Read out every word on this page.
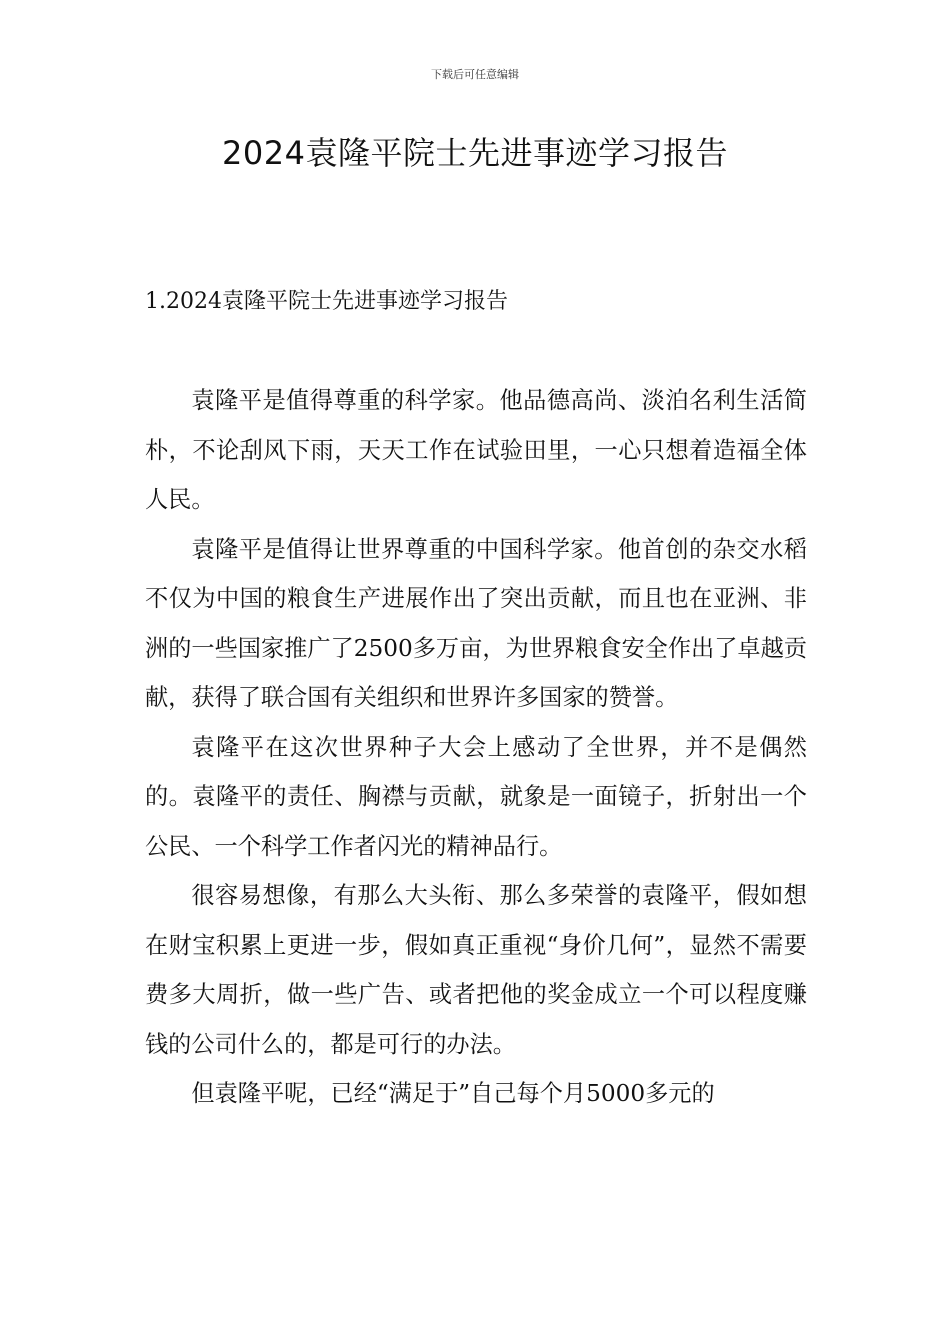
下载后可任意编辑
2024袁隆平院士先进事迹学习报告
1.2024袁隆平院士先进事迹学习报告

袁隆平是值得尊重的科学家。他品德高尚、淡泊名利生活简朴，不论刮风下雨，天天工作在试验田里，一心只想着造福全体人民。

袁隆平是值得让世界尊重的中国科学家。他首创的杂交水稻不仅为中国的粮食生产进展作出了突出贡献，而且也在亚洲、非洲的一些国家推广了2500多万亩，为世界粮食安全作出了卓越贡献，获得了联合国有关组织和世界许多国家的赞誉。

袁隆平在这次世界种子大会上感动了全世界，并不是偶然的。袁隆平的责任、胸襟与贡献，就象是一面镜子，折射出一个公民、一个科学工作者闪光的精神品行。

很容易想像，有那么大头衔、那么多荣誉的袁隆平，假如想在财宝积累上更进一步，假如真正重视“身价几何”，显然不需要费多大周折，做一些广告、或者把他的奖金成立一个可以程度赚钱的公司什么的，都是可行的办法。

但袁隆平呢，已经“满足于”自己每个月5000多元的
